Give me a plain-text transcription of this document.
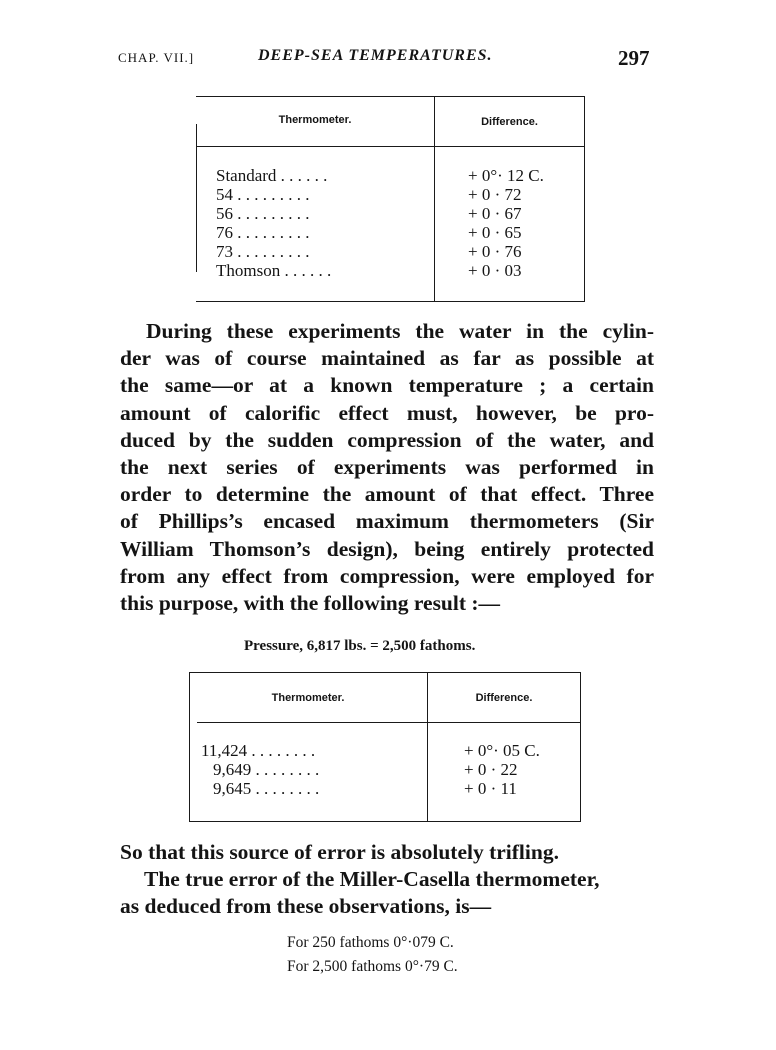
CHAP. VII.]	DEEP-SEA TEMPERATURES.	297
Thermometer.	Difference.
Standard . . . . . .	+ 0°· 12 C.
54 . . . . . . . . .	+ 0 · 72
56 . . . . . . . . .	+ 0 · 67
76 . . . . . . . . .	+ 0 · 65
73 . . . . . . . . .	+ 0 · 76
Thomson . . . . . .	+ 0 · 03
During these experiments the water in the cylin-
der was of course maintained as far as possible at
the same—or at a known temperature ; a certain
amount of calorific effect must, however, be pro-
duced by the sudden compression of the water, and
the next series of experiments was performed in
order to determine the amount of that effect. Three
of Phillips’s encased maximum thermometers (Sir
William Thomson’s design), being entirely protected
from any effect from compression, were employed for
this purpose, with the following result :—
Pressure, 6,817 lbs. = 2,500 fathoms.
Thermometer.	Difference.
11,424 . . . . . . . .	+ 0°· 05 C.
9,649 . . . . . . . .	+ 0 · 22
9,645 . . . . . . . .	+ 0 · 11
So that this source of error is absolutely trifling.
The true error of the Miller-Casella thermometer,
as deduced from these observations, is—
For 250 fathoms 0°·079 C.
For 2,500 fathoms 0°·79 C.
